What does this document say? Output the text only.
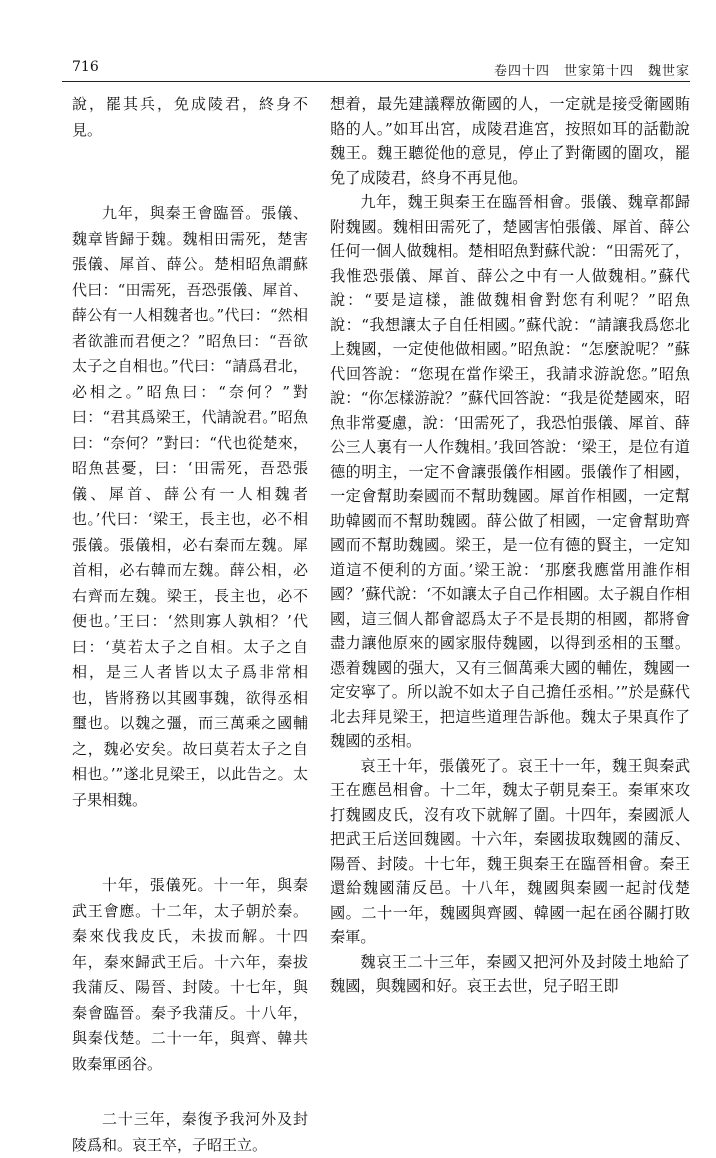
716	卷四十四　世家第十四　魏世家

說，罷其兵，免成陵君，終身不見。

九年，與秦王會臨晉。張儀、魏章皆歸于魏。魏相田需死，楚害張儀、犀首、薛公。楚相昭魚謂蘇代曰：“田需死，吾恐張儀、犀首、薛公有一人相魏者也。”代曰：“然相者欲誰而君便之？”昭魚曰：“吾欲太子之自相也。”代曰：“請爲君北，必相之。”昭魚曰：“奈何？”對曰：“君其爲梁王，代請說君。”昭魚曰：“奈何？”對曰：“代也從楚來，昭魚甚憂，曰：‘田需死，吾恐張儀、犀首、薛公有一人相魏者也。’代曰：‘梁王，長主也，必不相張儀。張儀相，必右秦而左魏。犀首相，必右韓而左魏。薛公相，必右齊而左魏。梁王，長主也，必不便也。’王曰：‘然則寡人孰相？’代曰：‘莫若太子之自相。太子之自相，是三人者皆以太子爲非常相也，皆將務以其國事魏，欲得丞相璽也。以魏之彊，而三萬乘之國輔之，魏必安矣。故曰莫若太子之自相也。’”遂北見梁王，以此告之。太子果相魏。

十年，張儀死。十一年，與秦武王會應。十二年，太子朝於秦。秦來伐我皮氏，未拔而解。十四年，秦來歸武王后。十六年，秦拔我蒲反、陽晉、封陵。十七年，與秦會臨晉。秦予我蒲反。十八年，與秦伐楚。二十一年，與齊、韓共敗秦軍函谷。

二十三年，秦復予我河外及封陵爲和。哀王卒，子昭王立。

想着，最先建議釋放衛國的人，一定就是接受衛國賄賂的人。”如耳出宮，成陵君進宮，按照如耳的話勸說魏王。魏王聽從他的意見，停止了對衛國的圍攻，罷免了成陵君，終身不再見他。

九年，魏王與秦王在臨晉相會。張儀、魏章都歸附魏國。魏相田需死了，楚國害怕張儀、犀首、薛公任何一個人做魏相。楚相昭魚對蘇代說：“田需死了，我惟恐張儀、犀首、薛公之中有一人做魏相。”蘇代說：“要是這樣，誰做魏相會對您有利呢？”昭魚說：“我想讓太子自任相國。”蘇代說：“請讓我爲您北上魏國，一定使他做相國。”昭魚說：“怎麼說呢？”蘇代回答說：“您現在當作梁王，我請求游說您。”昭魚說：“你怎樣游說？”蘇代回答說：“我是從楚國來，昭魚非常憂慮，說：‘田需死了，我恐怕張儀、犀首、薛公三人裏有一人作魏相。’我回答說：‘梁王，是位有道德的明主，一定不會讓張儀作相國。張儀作了相國，一定會幫助秦國而不幫助魏國。犀首作相國，一定幫助韓國而不幫助魏國。薛公做了相國，一定會幫助齊國而不幫助魏國。梁王，是一位有德的賢主，一定知道這不便利的方面。’梁王說：‘那麼我應當用誰作相國？’蘇代說：‘不如讓太子自己作相國。太子親自作相國，這三個人都會認爲太子不是長期的相國，都將會盡力讓他原來的國家服侍魏國，以得到丞相的玉璽。憑着魏國的强大，又有三個萬乘大國的輔佐，魏國一定安寧了。所以說不如太子自己擔任丞相。’”於是蘇代北去拜見梁王，把這些道理告訴他。魏太子果真作了魏國的丞相。

哀王十年，張儀死了。哀王十一年，魏王與秦武王在應邑相會。十二年，魏太子朝見秦王。秦軍來攻打魏國皮氏，沒有攻下就解了圍。十四年，秦國派人把武王后送回魏國。十六年，秦國拔取魏國的蒲反、陽晉、封陵。十七年，魏王與秦王在臨晉相會。秦王還給魏國蒲反邑。十八年，魏國與秦國一起討伐楚國。二十一年，魏國與齊國、韓國一起在函谷關打敗秦軍。

魏哀王二十三年，秦國又把河外及封陵土地給了魏國，與魏國和好。哀王去世，兒子昭王即
